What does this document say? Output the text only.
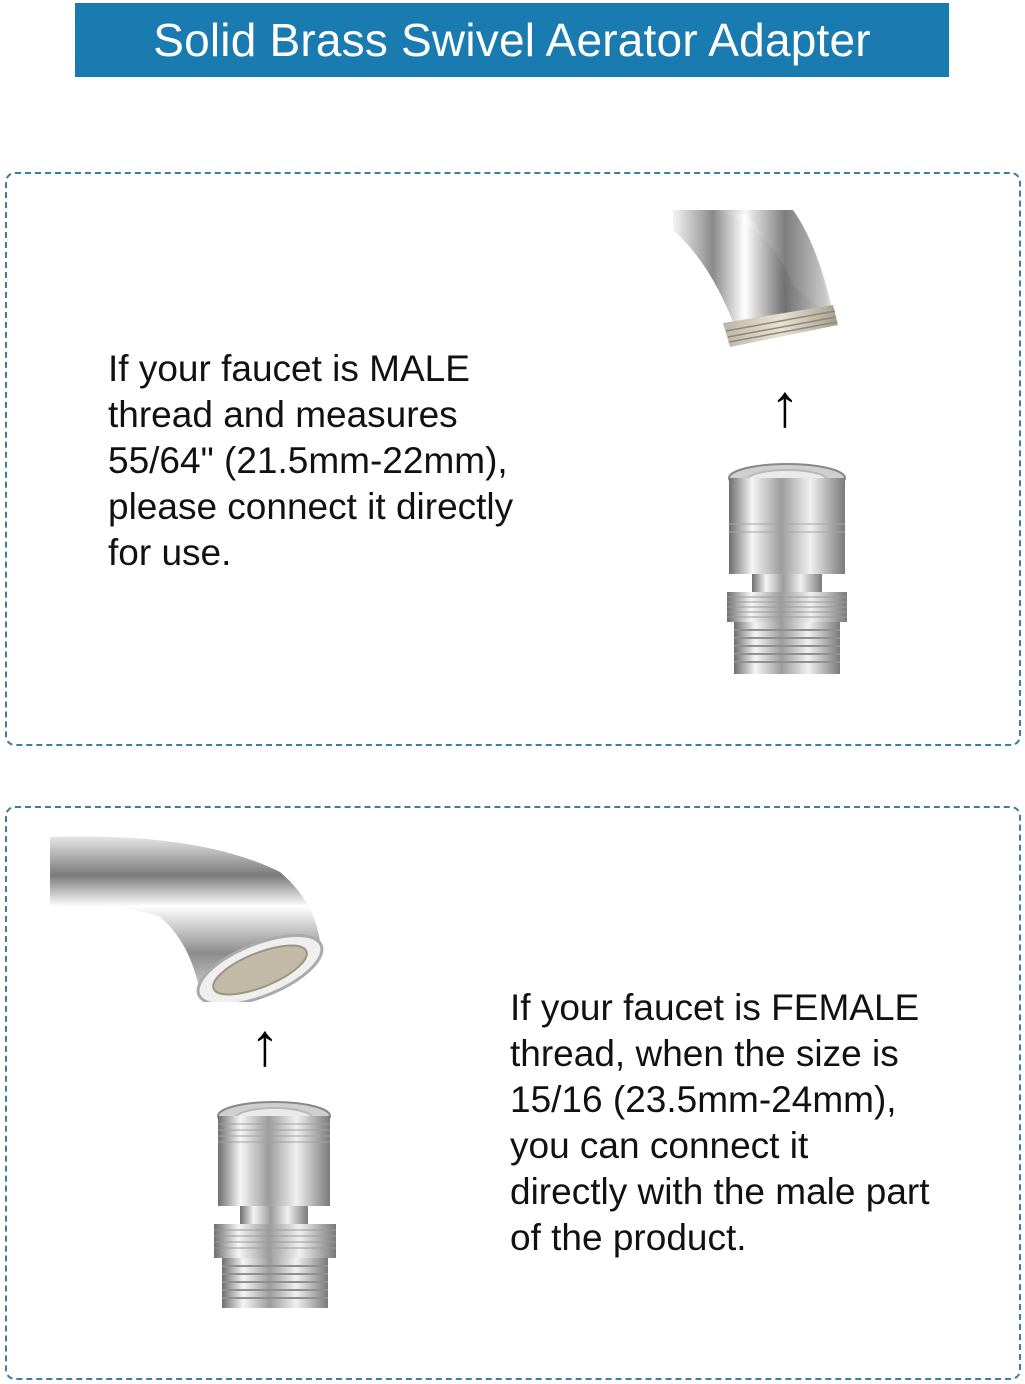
Solid Brass Swivel Aerator Adapter
If your faucet is MALE
thread and measures
55/64" (21.5mm-22mm),
please connect it directly
for use.
↑
If your faucet is FEMALE
thread, when the size is
15/16 (23.5mm-24mm),
you can connect it
directly with the male part
of the product.
↑
